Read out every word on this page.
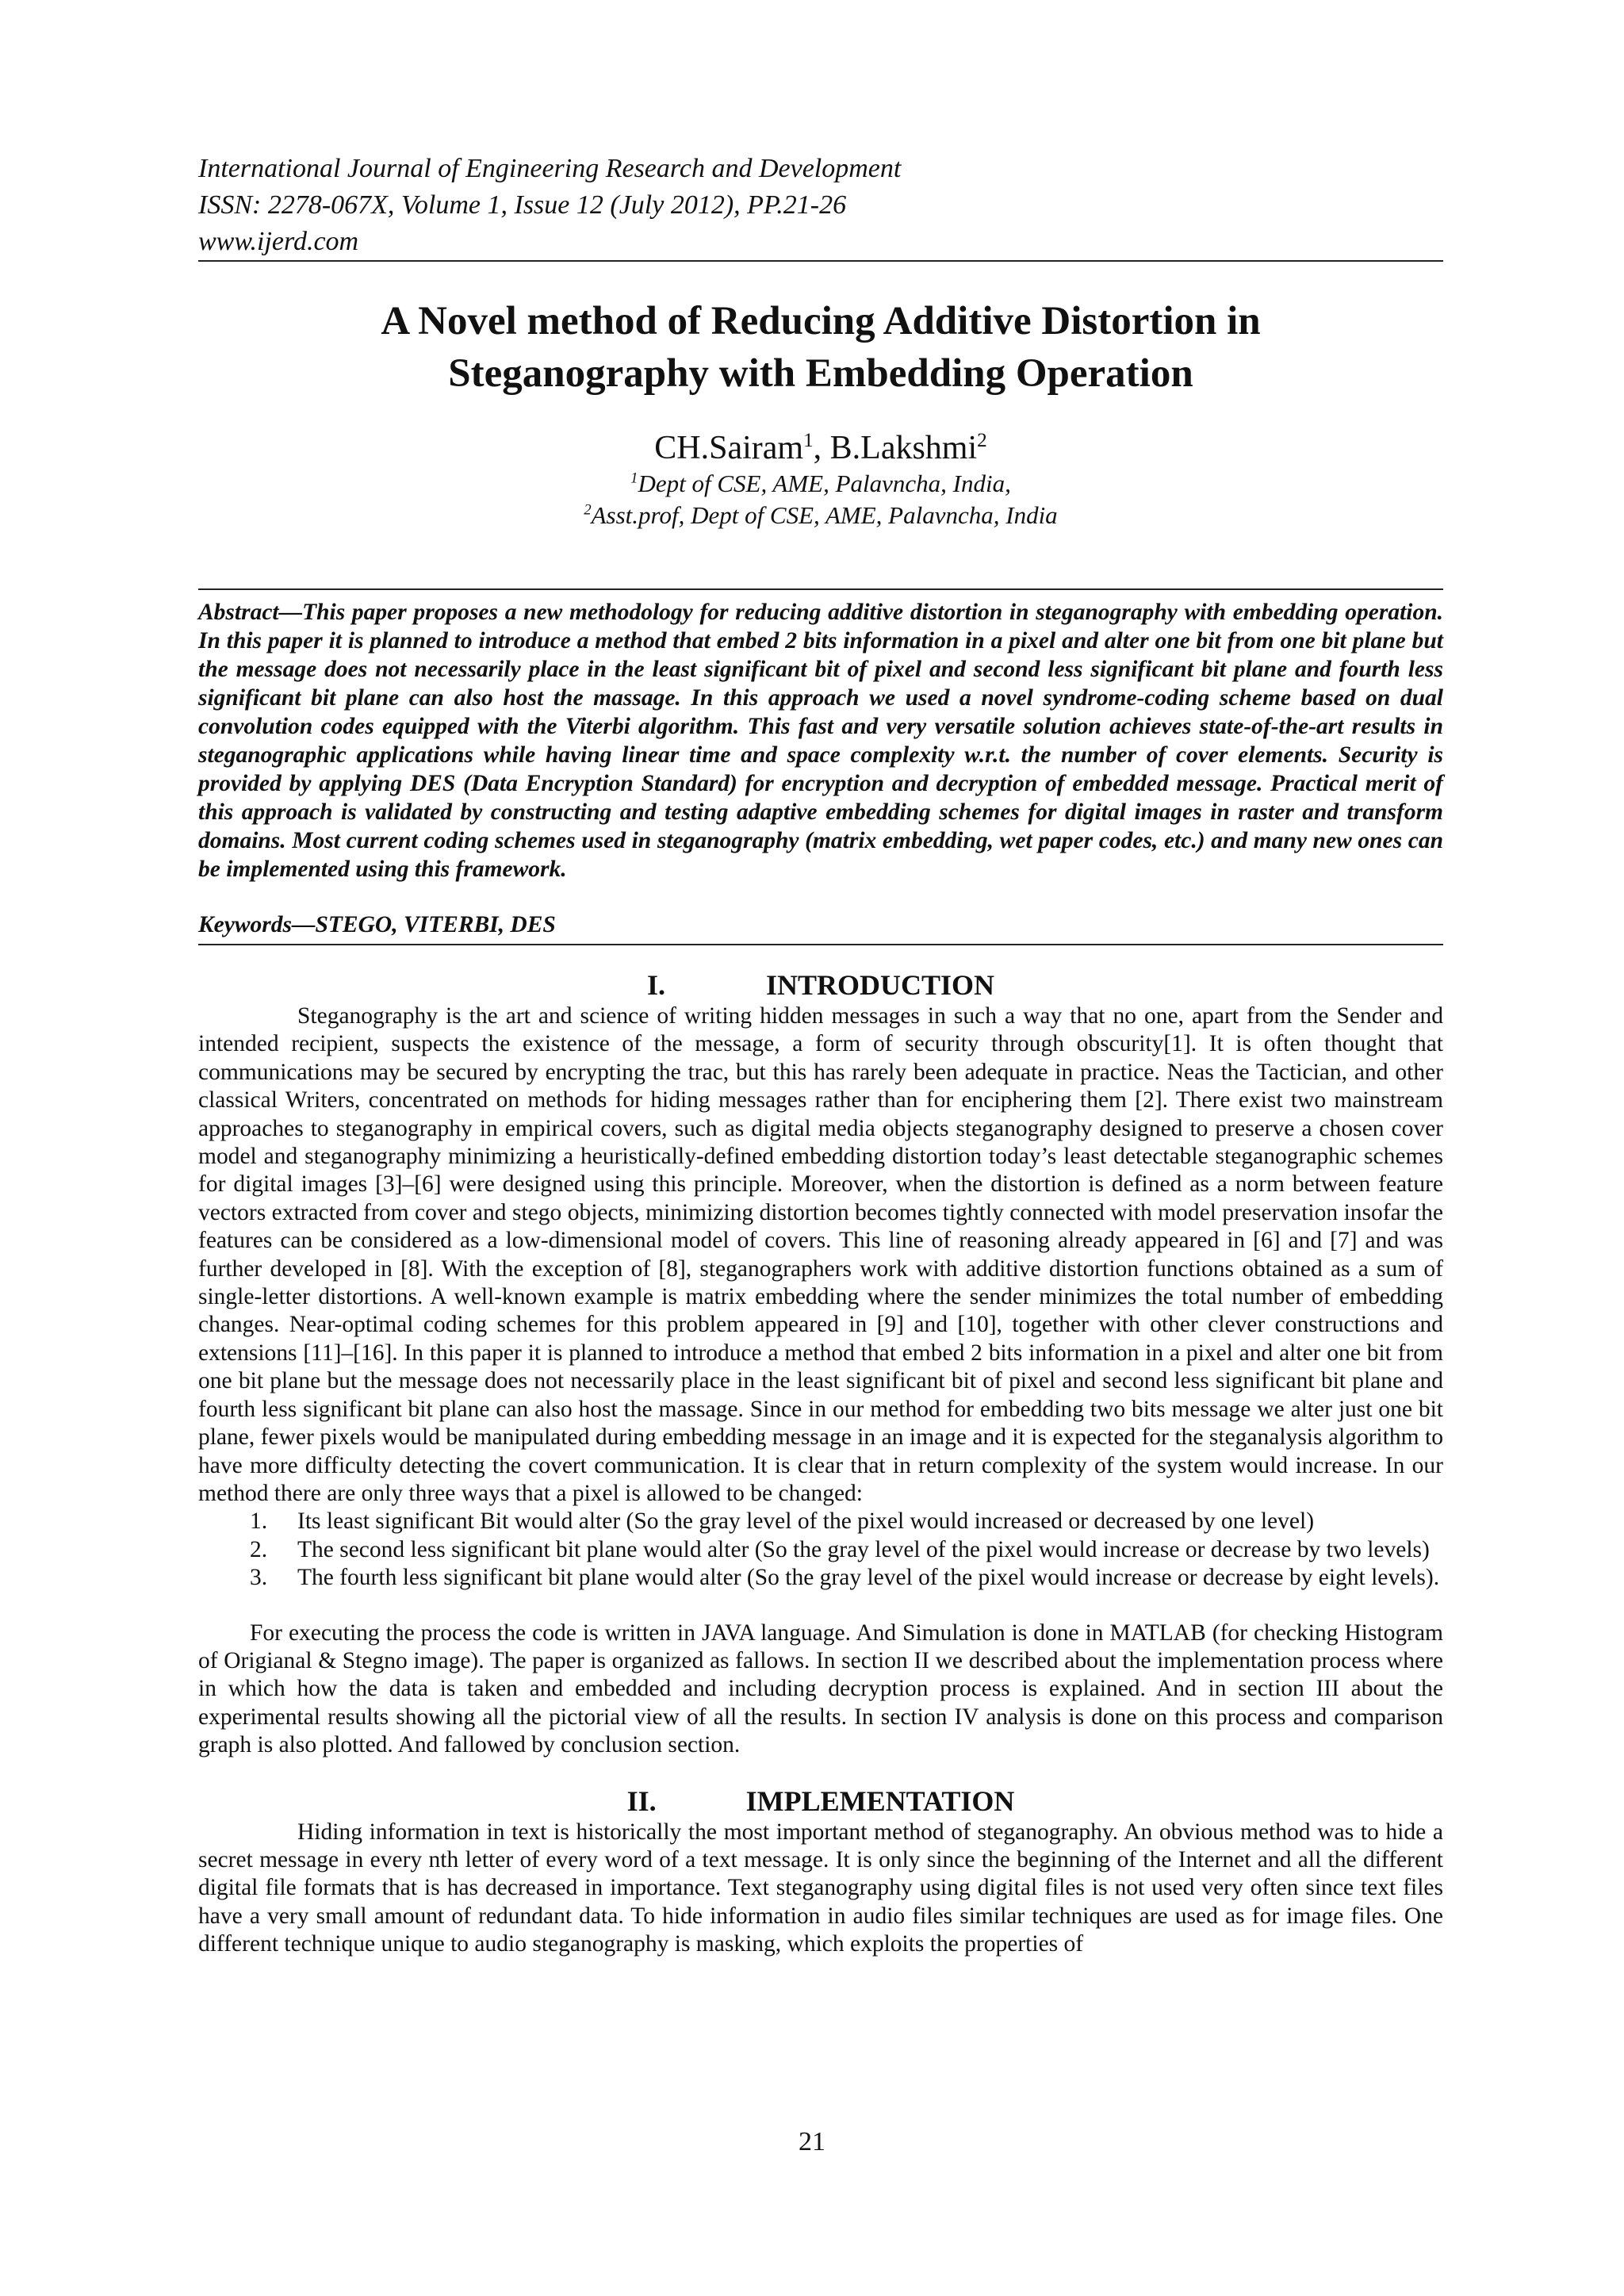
International Journal of Engineering Research and Development
ISSN: 2278-067X, Volume 1, Issue 12 (July 2012), PP.21-26
www.ijerd.com
A Novel method of Reducing Additive Distortion in
Steganography with Embedding Operation
CH.Sairam$^1$, B.Lakshmi$^2$
$^1$Dept of CSE, AME, Palavncha, India,
$^2$Asst.prof, Dept of CSE, AME, Palavncha, India
Abstract—This paper proposes a new methodology for reducing additive distortion in steganography with embedding operation. In this paper it is planned to introduce a method that embed 2 bits information in a pixel and alter one bit from one bit plane but the message does not necessarily place in the least significant bit of pixel and second less significant bit plane and fourth less significant bit plane can also host the massage. In this approach we used a novel syndrome-coding scheme based on dual convolution codes equipped with the Viterbi algorithm. This fast and very versatile solution achieves state-of-the-art results in steganographic applications while having linear time and space complexity w.r.t. the number of cover elements. Security is provided by applying DES (Data Encryption Standard) for encryption and decryption of embedded message. Practical merit of this approach is validated by constructing and testing adaptive embedding schemes for digital images in raster and transform domains. Most current coding schemes used in steganography (matrix embedding, wet paper codes, etc.) and many new ones can be implemented using this framework.
Keywords—STEGO, VITERBI, DES
I.	INTRODUCTION
Steganography is the art and science of writing hidden messages in such a way that no one, apart from the Sender and intended recipient, suspects the existence of the message, a form of security through obscurity[1]. It is often thought that communications may be secured by encrypting the trac, but this has rarely been adequate in practice. Neas the Tactician, and other classical Writers, concentrated on methods for hiding messages rather than for enciphering them [2]. There exist two mainstream approaches to steganography in empirical covers, such as digital media objects steganography designed to preserve a chosen cover model and steganography minimizing a heuristically-defined embedding distortion today’s least detectable steganographic schemes for digital images [3]–[6] were designed using this principle. Moreover, when the distortion is defined as a norm between feature vectors extracted from cover and stego objects, minimizing distortion becomes tightly connected with model preservation insofar the features can be considered as a low-dimensional model of covers. This line of reasoning already appeared in [6] and [7] and was further developed in [8]. With the exception of [8], steganographers work with additive distortion functions obtained as a sum of single-letter distortions. A well-known example is matrix embedding where the sender minimizes the total number of embedding changes. Near-optimal coding schemes for this problem appeared in [9] and [10], together with other clever constructions and extensions [11]–[16]. In this paper it is planned to introduce a method that embed 2 bits information in a pixel and alter one bit from one bit plane but the message does not necessarily place in the least significant bit of pixel and second less significant bit plane and fourth less significant bit plane can also host the massage. Since in our method for embedding two bits message we alter just one bit plane, fewer pixels would be manipulated during embedding message in an image and it is expected for the steganalysis algorithm to have more difficulty detecting the covert communication. It is clear that in return complexity of the system would increase. In our method there are only three ways that a pixel is allowed to be changed:
1. Its least significant Bit would alter (So the gray level of the pixel would increased or decreased by one level)
2. The second less significant bit plane would alter (So the gray level of the pixel would increase or decrease by two levels)
3. The fourth less significant bit plane would alter (So the gray level of the pixel would increase or decrease by eight levels).
For executing the process the code is written in JAVA language. And Simulation is done in MATLAB (for checking Histogram of Origianal & Stegno image). The paper is organized as fallows. In section II we described about the implementation process where in which how the data is taken and embedded and including decryption process is explained. And in section III about the experimental results showing all the pictorial view of all the results. In section IV analysis is done on this process and comparison graph is also plotted. And fallowed by conclusion section.
II.	IMPLEMENTATION
Hiding information in text is historically the most important method of steganography. An obvious method was to hide a secret message in every nth letter of every word of a text message. It is only since the beginning of the Internet and all the different digital file formats that is has decreased in importance. Text steganography using digital files is not used very often since text files have a very small amount of redundant data. To hide information in audio files similar techniques are used as for image files. One different technique unique to audio steganography is masking, which exploits the properties of
21
